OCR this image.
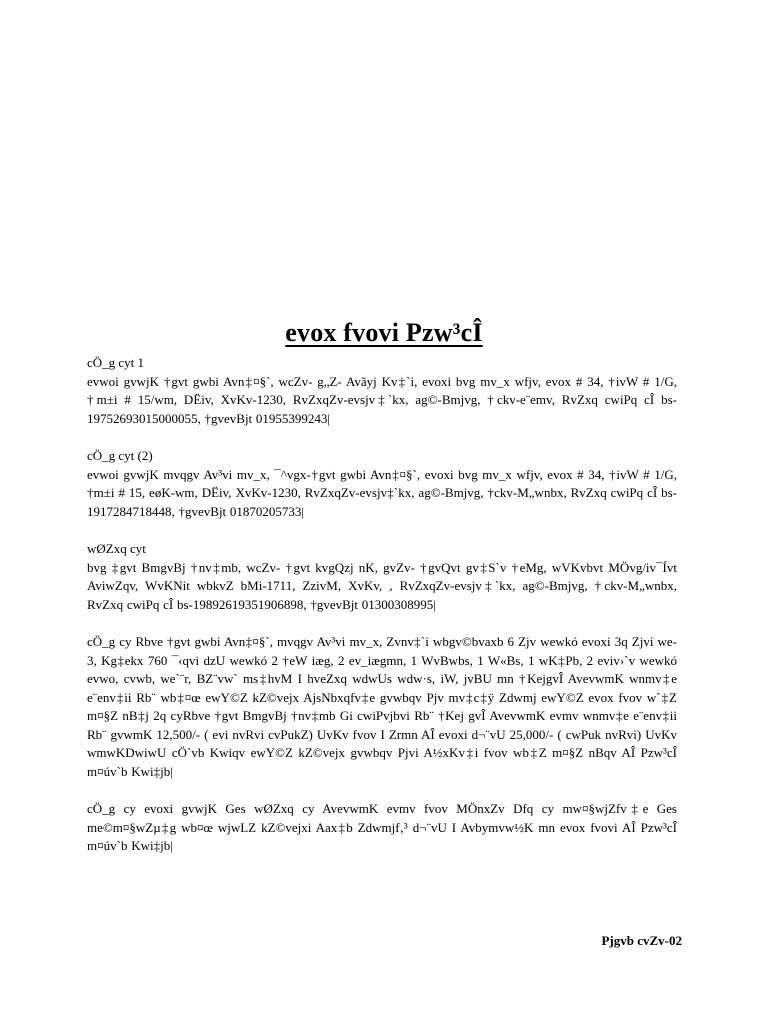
evox fvovi Pzw³cÎ
cÖ_g cyt 1
evwoi gvwjK †gvt gwbi Avn‡¤§`, wcZv- g„Z- Avãyj Kv‡`i, evoxi bvg mv_x wfjv, evox # 34, †ivW # 1/G, †m±i # 15/wm, DËiv, XvKv-1230, RvZxqZv-evsjv‡`kx, ag©-Bmjvg, †ckv-e¨emv, RvZxq cwiPq cÎ bs-19752693015000055, †gvevBjt 01955399243|
cÖ_g cyt (2)
evwoi gvwjK mvqgv Av³vi mv_x, ¯^vgx-†gvt gwbi Avn‡¤§`, evoxi bvg mv_x wfjv, evox # 34, †ivW # 1/G, †m±i # 15, eøK-wm, DËiv, XvKv-1230, RvZxqZv-evsjv‡`kx, ag©-Bmjvg, †ckv-M„wnbx, RvZxq cwiPq cÎ bs-1917284718448, †gvevBjt 01870205733|
wØZxq cyt
bvg ‡gvt BmgvBj †nv‡mb, wcZv- †gvt kvgQzj nK, gvZv- †gvQvt gv‡S`v †eMg, wVKvbvt MÖvg/iv¯Ívt AviwZqv, WvKNit wbkvZ bMi-1711, ZzivM, XvKv, , RvZxqZv-evsjv‡`kx, ag©-Bmjvg, †ckv-M„wnbx, RvZxq cwiPq cÎ bs-19892619351906898, †gvevBjt 01300308995|
cÖ_g cy Rbve †gvt gwbi Avn‡¤§`, mvqgv Av³vi mv_x, Zvnv‡`i wbgv©bvaxb 6 Zjv wewkó evoxi 3q Zjvi we-3, Kg‡ekx 760 ¯‹qvi dzU wewkó 2 †eW iæg, 2 ev_iægmn, 1 WvBwbs, 1 W«Bs, 1 wK‡Pb, 2 eviv›`v wewkó evwo, cvwb, we`¨r, BZ¨vw` ms‡hvM I hveZxq wdwUs wdw·s, iW, jvBU mn †KejgvÎ AvevwmK wnmv‡e e¨env‡ii Rb¨ wb‡¤œ ewY©Z kZ©vejx AjsNbxqfv‡e gvwbqv Pjv mv‡c‡ÿ Zdwmj ewY©Z evox fvov w`‡Z m¤§Z nB‡j 2q cyRbve †gvt BmgvBj †nv‡mb Gi cwiPvjbvi Rb¨ †Kej gvÎ AvevwmK evmv wnmv‡e e¨env‡ii Rb¨ gvwmK 12,500/- ( evi nvRvi cvPukZ) UvKv fvov I Zrmn AÎ evoxi d¬¨vU 25,000/- ( cwPuk nvRvi) UvKv wmwKDwiwU cÖ`vb Kwiqv ewY©Z kZ©vejx gvwbqv Pjvi A½xKv‡i fvov wb‡Z m¤§Z nBqv AÎ Pzw³cÎ m¤úv`b Kwi‡jb|
cÖ_g cy evoxi gvwjK Ges wØZxq cy AvevwmK evmv fvov MÖnxZv Dfq cy mw¤§wjZfv‡e Ges me©m¤§wZµ‡g wb¤œ wjwLZ kZ©vejxi Aax‡b Zdwmjf‚³ d¬¨vU I Avbymvw½K mn evox fvovi AÎ Pzw³cÎ m¤úv`b Kwi‡jb|
Pjgvb cvZv-02
